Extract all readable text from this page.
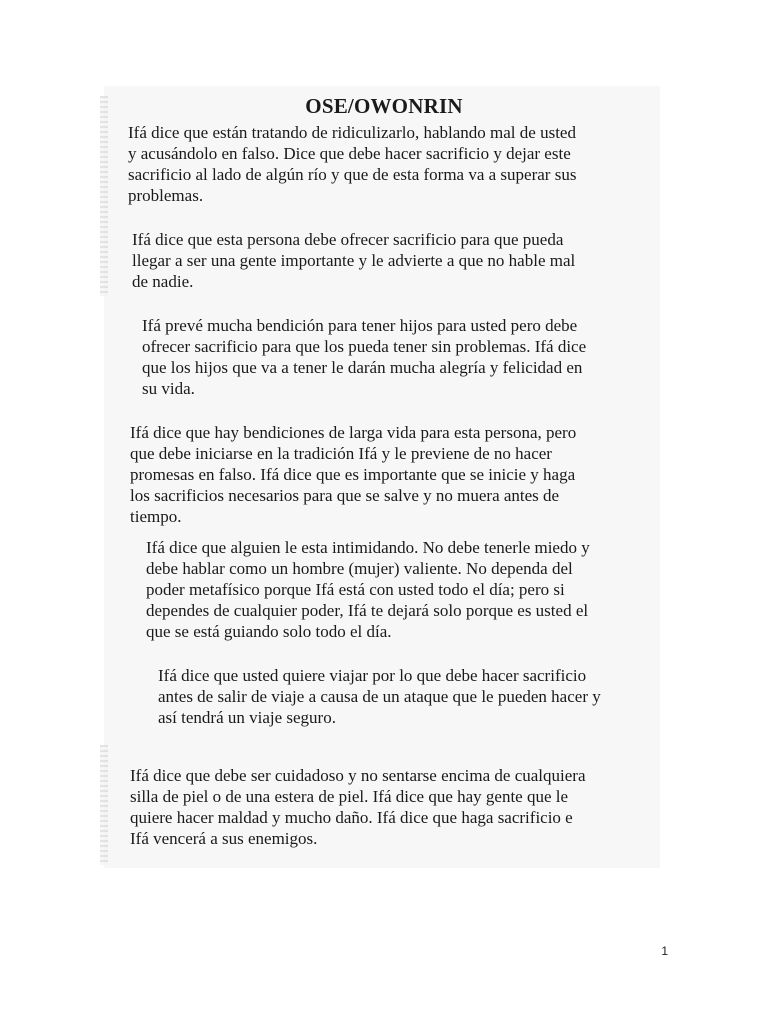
OSE/OWONRIN
Ifá dice que están tratando de ridiculizarlo, hablando mal de usted
y acusándolo en falso. Dice que debe hacer sacrificio y dejar este
sacrificio al lado de algún río y que de esta forma va a superar sus
problemas.
Ifá dice que esta persona debe ofrecer sacrificio para que pueda
llegar a ser una gente importante y le advierte a que no hable mal
de nadie.
Ifá prevé mucha bendición para tener hijos para usted pero debe
ofrecer sacrificio para que los pueda tener sin problemas. Ifá dice
que los hijos que va a tener le darán mucha alegría y felicidad en
su vida.
Ifá dice que hay bendiciones de larga vida para esta persona, pero
que debe iniciarse en la tradición Ifá y le previene de no hacer
promesas en falso. Ifá dice que es importante que se inicie y haga
los sacrificios necesarios para que se salve y no muera antes de
tiempo.
Ifá dice que alguien le esta intimidando. No debe tenerle miedo y
debe hablar como un hombre (mujer) valiente. No dependa del
poder metafísico porque Ifá está con usted todo el día; pero si
dependes de cualquier poder, Ifá te dejará solo porque es usted el
que se está guiando solo todo el día.
Ifá dice que usted quiere viajar por lo que debe hacer sacrificio
antes de salir de viaje a causa de un ataque que le pueden hacer y
así tendrá un viaje seguro.
Ifá dice que debe ser cuidadoso y no sentarse encima de cualquiera
silla de piel o de una estera de piel. Ifá dice que hay gente que le
quiere hacer maldad y mucho daño. Ifá dice que haga sacrificio e
Ifá vencerá a sus enemigos.
1
